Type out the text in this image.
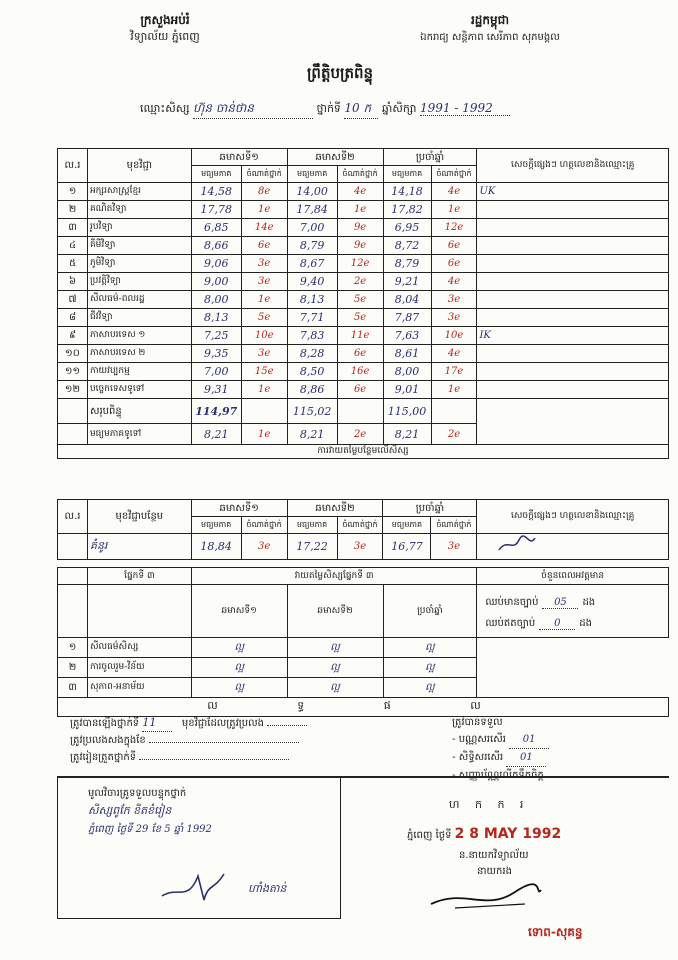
ក្រសួងអប់រំ
វិទ្យាល័យ ភ្នំពេញ
រដ្ឋកម្ពុជា
ឯករាជ្យ សន្តិភាព សេរីភាព សុភមង្គល
ព្រឹត្តិបត្រពិន្ទុ
ឈ្មោះសិស្ស ហ៊ុន ចាន់ថាន	ថ្នាក់ទី 10 ក ឆ្នាំសិក្សា 1991 - 1992
ល.រ	មុខវិជ្ជា	ឆមាសទី១		ឆមាសទី២		ប្រចាំឆ្នាំ		សេចក្តីផ្សេងៗ ហត្ថលេខានិងឈ្មោះគ្រូ
		មធ្យមភាគ	ចំណាត់ថ្នាក់	មធ្យមភាគ	ចំណាត់ថ្នាក់	មធ្យមភាគ	ចំណាត់ថ្នាក់	
១	អក្សរសាស្ត្រខ្មែរ	14,58	8e	14,00	4e	14,18	4e	UK
២	គណិតវិទ្យា	17,78	1e	17,84	1e	17,82	1e	
៣	រូបវិទ្យា	6,85	14e	7,00	9e	6,95	12e	
៤	គីមីវិទ្យា	8,66	6e	8,79	9e	8,72	6e	
៥	ភូមិវិទ្យា	9,06	3e	8,67	12e	8,79	6e	
៦	ប្រវត្តិវិទ្យា	9,00	3e	9,40	2e	9,21	4e	
៧	សីលធម៌-ពលរដ្ឋ	8,00	1e	8,13	5e	8,04	3e	
៨	ជីវវិទ្យា	8,13	5e	7,71	5e	7,87	3e	
៩	ភាសាបរទេស ១	7,25	10e	7,83	11e	7,63	10e	IK
១០	ភាសាបរទេស ២	9,35	3e	8,28	6e	8,61	4e	
១១	កាយវប្បកម្ម	7,00	15e	8,50	16e	8,00	17e	
១២	បច្ចេកទេសទូទៅ	9,31	1e	8,86	6e	9,01	1e	
	សរុបពិន្ទុ	114,97		115,02		115,00		
	មធ្យមភាគទូទៅ	8,21	1e	8,21	2e	8,21	2e	
ការវាយតម្លៃបន្ថែមលើសិស្ស								
ល.រ	មុខវិជ្ជាបន្ថែម	ឆមាសទី១		ឆមាសទី២		ប្រចាំឆ្នាំ		សេចក្តីផ្សេងៗ ហត្ថលេខានិងឈ្មោះគ្រូ
		មធ្យមភាគ	ចំណាត់ថ្នាក់	មធ្យមភាគ	ចំណាត់ថ្នាក់	មធ្យមភាគ	ចំណាត់ថ្នាក់	
	គំនូរ	18,84	3e	17,22	3e	16,77	3e	
	ផ្នែកទី ៣	វាយតម្លៃសិស្សផ្នែកទី ៣			ចំនួនពេលអវត្តមាន
		ឆមាសទី១	ឆមាសទី២	ប្រចាំឆ្នាំ	ឈប់មានច្បាប់ 05 ដង
ឈប់ឥតច្បាប់ 0 ដង

១	សីលធម៌សិស្ស	ល្អ	ល្អ	ល្អ	
២	ការចូលរួម-វិន័យ	ល្អ	ល្អ	ល្អ	
៣	សុភាព-អនាម័យ	ល្អ	ល្អ	ល្អ	
ល ទ្ធ ផ ល					
ត្រូវបានឡើងថ្នាក់ទី 11	មុខវិជ្ជាដែលត្រូវប្រលង
ត្រូវប្រលងសងក្នុងខែ
ត្រូវរៀនត្រួតថ្នាក់ទី
ត្រូវបានទទួល
- បណ្ណសរសើរ 01
- សិទ្ធិសរសើរ 01
- សញ្ញាប័ណ្ណលើកទឹកចិត្ត
មូលវិចារគ្រូទទួលបន្ទុកថ្នាក់
សិស្សពូកែ ខិតខំរៀន
ភ្នំពេញ ថ្ងៃទី 29 ខែ 5 ឆ្នាំ 1992
ហាំងតាន់
ហ ក ក រ
ភ្នំពេញ ថ្ងៃទី 2 8 MAY 1992
ន.នាយកវិទ្យាល័យ
នាយករង
ទោព-សុគន្ធ
